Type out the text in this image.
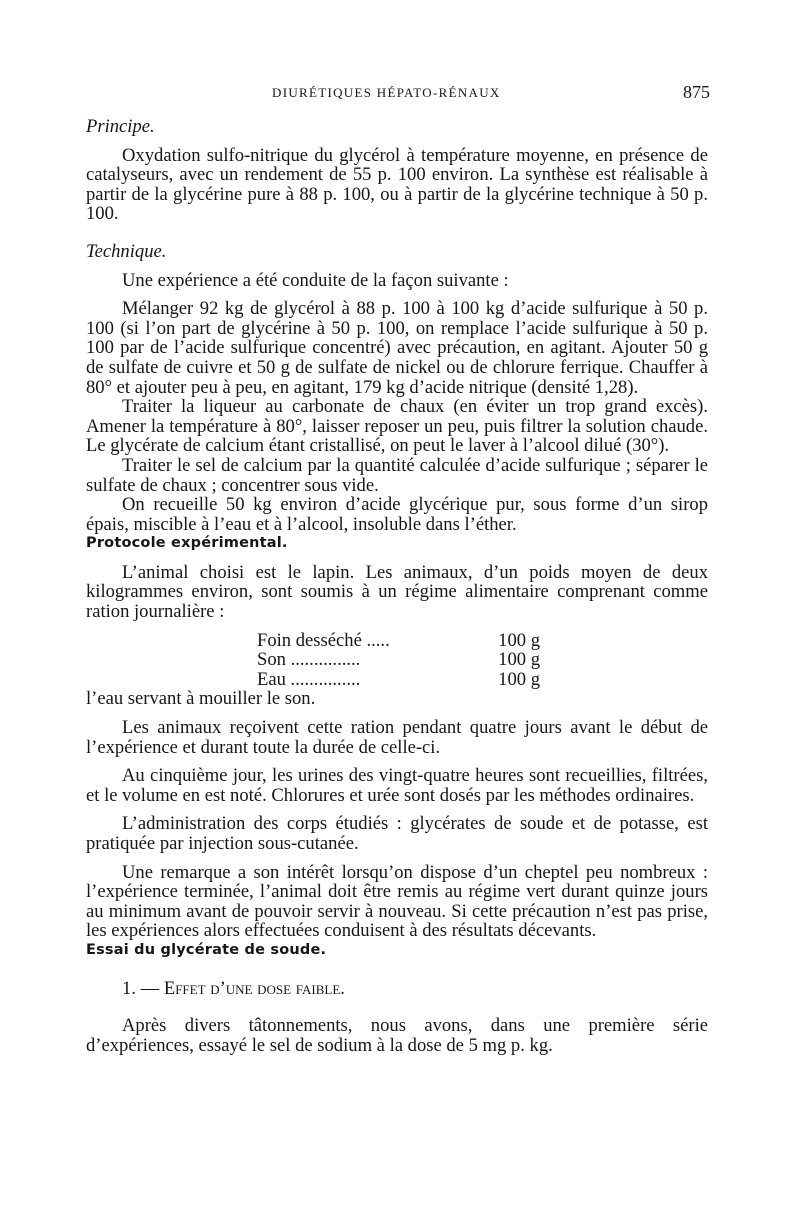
DIURÉTIQUES HÉPATO-RÉNAUX	875

Principe.

Oxydation sulfo-nitrique du glycérol à température moyenne, en présence de catalyseurs, avec un rendement de 55 p. 100 environ. La synthèse est réalisable à partir de la glycérine pure à 88 p. 100, ou à partir de la glycérine technique à 50 p. 100.

Technique.

Une expérience a été conduite de la façon suivante :

Mélanger 92 kg de glycérol à 88 p. 100 à 100 kg d’acide sulfurique à 50 p. 100 (si l’on part de glycérine à 50 p. 100, on remplace l’acide sulfurique à 50 p. 100 par de l’acide sulfurique concentré) avec précaution, en agitant. Ajouter 50 g de sulfate de cuivre et 50 g de sulfate de nickel ou de chlorure ferrique. Chauffer à 80° et ajouter peu à peu, en agitant, 179 kg d’acide nitrique (densité 1,28).

Traiter la liqueur au carbonate de chaux (en éviter un trop grand excès). Amener la température à 80°, laisser reposer un peu, puis filtrer la solution chaude. Le glycérate de calcium étant cristallisé, on peut le laver à l’alcool dilué (30°).

Traiter le sel de calcium par la quantité calculée d’acide sulfurique ; séparer le sulfate de chaux ; concentrer sous vide.

On recueille 50 kg environ d’acide glycérique pur, sous forme d’un sirop épais, miscible à l’eau et à l’alcool, insoluble dans l’éther.

Protocole expérimental.

L’animal choisi est le lapin. Les animaux, d’un poids moyen de deux kilogrammes environ, sont soumis à un régime alimentaire comprenant comme ration journalière :

Foin desséché .....	100 g
Son ...............	100 g
Eau ...............	100 g

l’eau servant à mouiller le son.

Les animaux reçoivent cette ration pendant quatre jours avant le début de l’expérience et durant toute la durée de celle-ci.

Au cinquième jour, les urines des vingt-quatre heures sont recueillies, filtrées, et le volume en est noté. Chlorures et urée sont dosés par les méthodes ordinaires.

L’administration des corps étudiés : glycérates de soude et de potasse, est pratiquée par injection sous-cutanée.

Une remarque a son intérêt lorsqu’on dispose d’un cheptel peu nombreux : l’expérience terminée, l’animal doit être remis au régime vert durant quinze jours au minimum avant de pouvoir servir à nouveau. Si cette précaution n’est pas prise, les expériences alors effectuées conduisent à des résultats décevants.

Essai du glycérate de soude.

1. — Effet d’une dose faible.

Après divers tâtonnements, nous avons, dans une première série d’expériences, essayé le sel de sodium à la dose de 5 mg p. kg.
